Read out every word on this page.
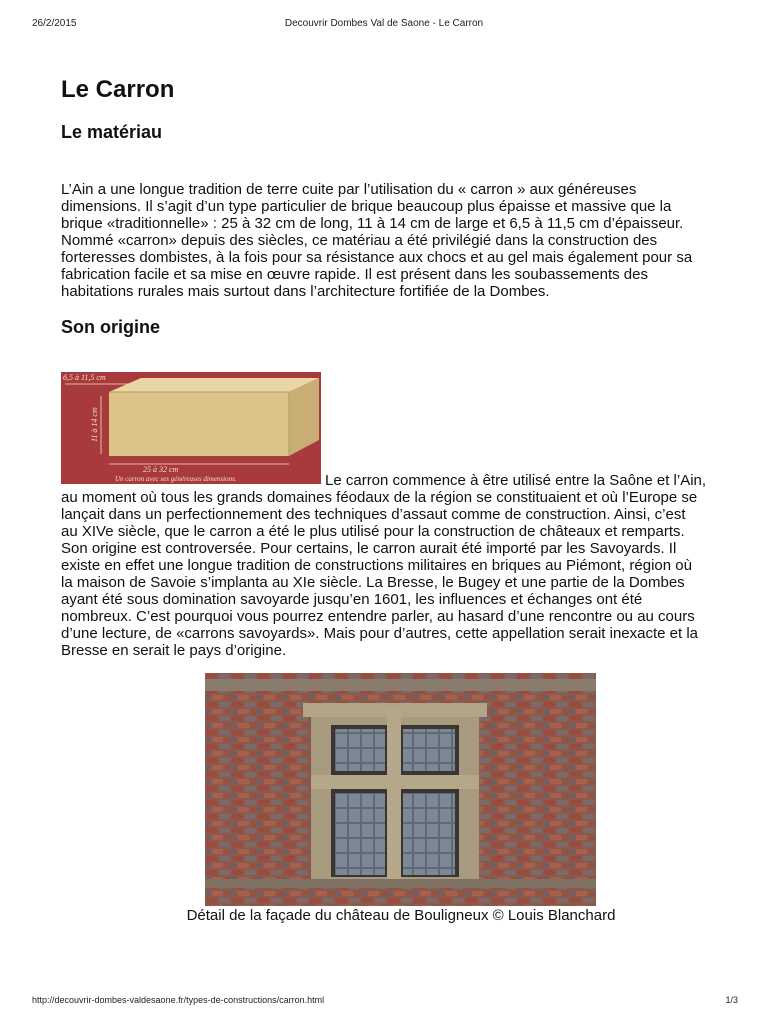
26/2/2015	Decouvrir Dombes Val de Saone - Le Carron
Le Carron
Le matériau

L’Ain a une longue tradition de terre cuite par l’utilisation du « carron » aux généreuses
dimensions. Il s’agit d’un type particulier de brique beaucoup plus épaisse et massive que la
brique «traditionnelle» : 25 à 32 cm de long, 11 à 14 cm de large et 6,5 à 11,5 cm d’épaisseur.
Nommé «carron» depuis des siècles, ce matériau a été privilégié dans la construction des
forteresses dombistes, à la fois pour sa résistance aux chocs et au gel mais également pour sa
fabrication facile et sa mise en œuvre rapide. Il est présent dans les soubassements des
habitations rurales mais surtout dans l’architecture fortifiée de la Dombes.

Son origine
6,5 à 11,5 cm
11 à 14 cm
25 à 32 cm
Un carron avec ses généreuses dimensions.	Le carron commence à être utilisé entre la Saône et l’Ain,

au moment où tous les grands domaines féodaux de la région se constituaient et où l’Europe se
lançait dans un perfectionnement des techniques d’assaut comme de construction. Ainsi, c’est
au XIVe siècle, que le carron a été le plus utilisé pour la construction de châteaux et remparts.
Son origine est controversée. Pour certains, le carron aurait été importé par les Savoyards. Il
existe en effet une longue tradition de constructions militaires en briques au Piémont, région où
la maison de Savoie s’implanta au XIe siècle. La Bresse, le Bugey et une partie de la Dombes
ayant été sous domination savoyarde jusqu’en 1601, les influences et échanges ont été
nombreux. C’est pourquoi vous pourrez entendre parler, au hasard d’une rencontre ou au cours
d’une lecture, de «carrons savoyards». Mais pour d’autres, cette appellation serait inexacte et la
Bresse en serait le pays d’origine.

Détail de la façade du château de Bouligneux © Louis Blanchard

http://decouvrir-dombes-valdesaone.fr/types-de-constructions/carron.html	1/3
